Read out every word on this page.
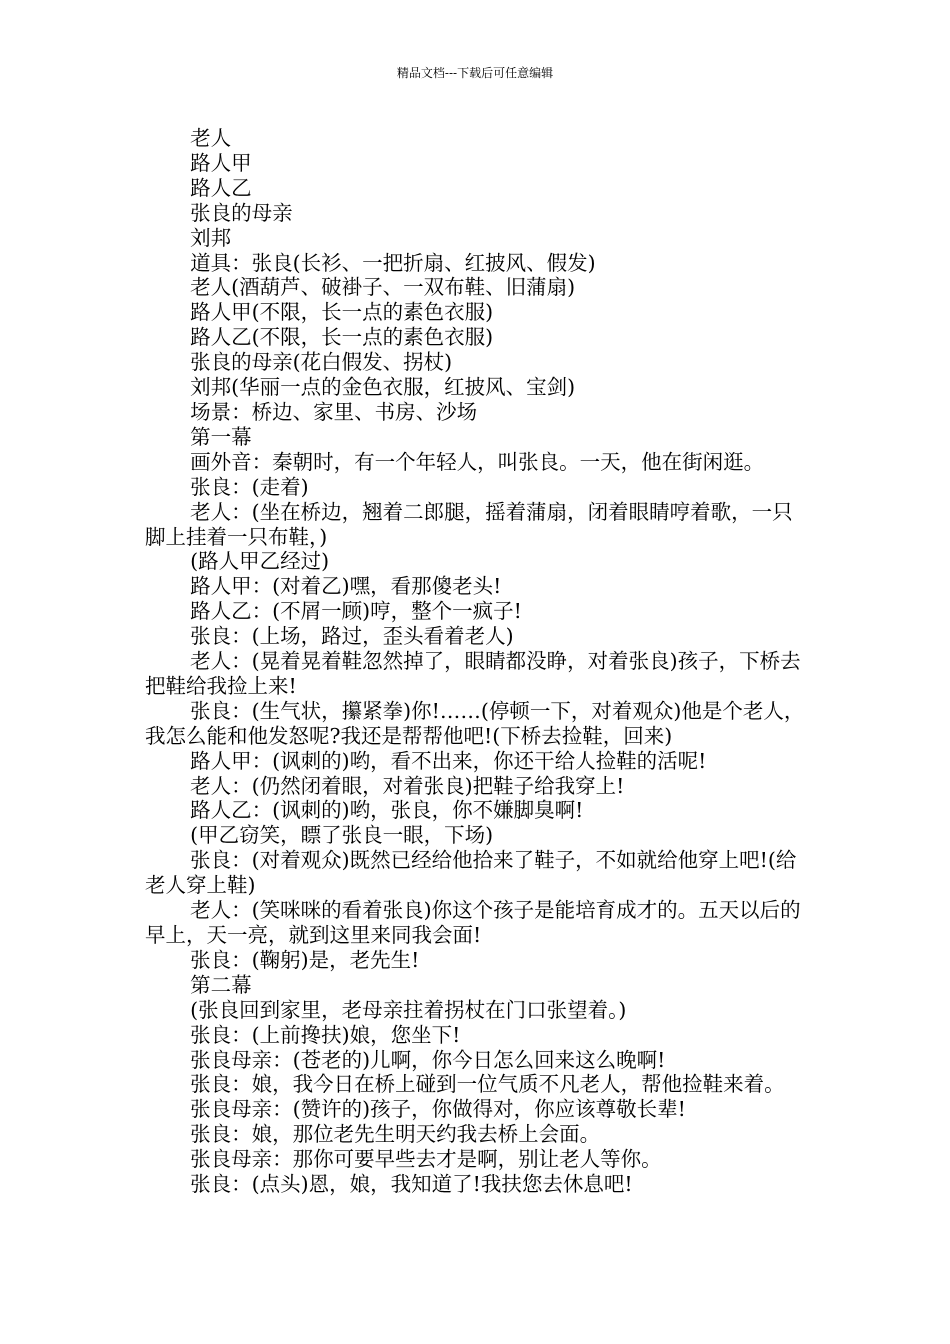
精品文档---下载后可任意编辑

老人

路人甲

路人乙

张良的母亲

刘邦

道具：张良(长衫、一把折扇、红披风、假发)

老人(酒葫芦、破褂子、一双布鞋、旧蒲扇)

路人甲(不限，长一点的素色衣服)

路人乙(不限，长一点的素色衣服)

张良的母亲(花白假发、拐杖)

刘邦(华丽一点的金色衣服，红披风、宝剑)

场景：桥边、家里、书房、沙场

第一幕

画外音：秦朝时，有一个年轻人，叫张良。一天，他在街闲逛。

张良：(走着)

老人：(坐在桥边，翘着二郎腿，摇着蒲扇，闭着眼睛哼着歌，一只脚上挂着一只布鞋，)

(路人甲乙经过)

路人甲：(对着乙)嘿，看那傻老头!

路人乙：(不屑一顾)哼，整个一疯子!

张良：(上场，路过，歪头看着老人)

老人：(晃着晃着鞋忽然掉了，眼睛都没睁，对着张良)孩子，下桥去把鞋给我捡上来!

张良：(生气状，攥紧拳)你!……(停顿一下，对着观众)他是个老人，我怎么能和他发怒呢?我还是帮帮他吧!(下桥去捡鞋，回来)

路人甲：(讽刺的)哟，看不出来，你还干给人捡鞋的活呢!

老人：(仍然闭着眼，对着张良)把鞋子给我穿上!

路人乙：(讽刺的)哟，张良，你不嫌脚臭啊!

(甲乙窃笑，瞟了张良一眼，下场)

张良：(对着观众)既然已经给他拾来了鞋子，不如就给他穿上吧!(给老人穿上鞋)

老人：(笑咪咪的看着张良)你这个孩子是能培育成才的。五天以后的早上，天一亮，就到这里来同我会面!

张良：(鞠躬)是，老先生!

第二幕

(张良回到家里，老母亲拄着拐杖在门口张望着。)

张良：(上前搀扶)娘，您坐下!

张良母亲：(苍老的)儿啊，你今日怎么回来这么晚啊!

张良：娘，我今日在桥上碰到一位气质不凡老人，帮他捡鞋来着。

张良母亲：(赞许的)孩子，你做得对，你应该尊敬长辈!

张良：娘，那位老先生明天约我去桥上会面。

张良母亲：那你可要早些去才是啊，别让老人等你。

张良：(点头)恩，娘，我知道了!我扶您去休息吧!
